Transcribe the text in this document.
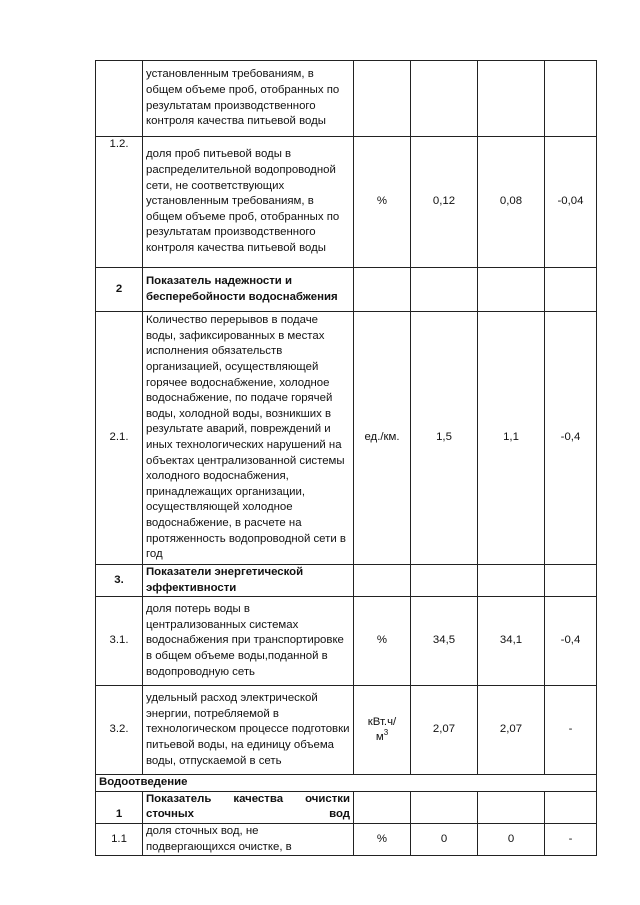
	установленным требованиям, в общем объеме проб, отобранных по результатам производственного контроля качества питьевой воды				
1.2.	доля проб питьевой воды в распределительной водопроводной сети, не соответствующих установленным требованиям, в общем объеме проб, отобранных по результатам производственного контроля качества питьевой воды	%	0,12	0,08	-0,04
2	Показатель надежности и бесперебойности водоснабжения				
2.1.	Количество перерывов в подаче воды, зафиксированных в местах исполнения обязательств организацией, осуществляющей горячее водоснабжение, холодное водоснабжение, по подаче горячей воды, холодной воды, возникших в результате аварий, повреждений и иных технологических нарушений на объектах централизованной системы холодного водоснабжения, принадлежащих организации, осуществляющей холодное водоснабжение, в расчете на протяженность водопроводной сети в год	ед./км.	1,5	1,1	-0,4
3.	Показатели энергетической эффективности				
3.1.	доля потерь воды в централизованных системах водоснабжения при транспортировке в общем объеме воды,поданной в водопроводную сеть	%	34,5	34,1	-0,4
3.2.	удельный расход электрической энергии, потребляемой в технологическом процессе подготовки питьевой воды, на единицу объема воды, отпускаемой в сеть	кВт.ч/
$м^3$	2,07	2,07	-
Водоотведение					
1	Показатель качества очистки сточных вод				

1.1	доля сточных вод, не подвергающихся очистке, в	%	0	0	-
